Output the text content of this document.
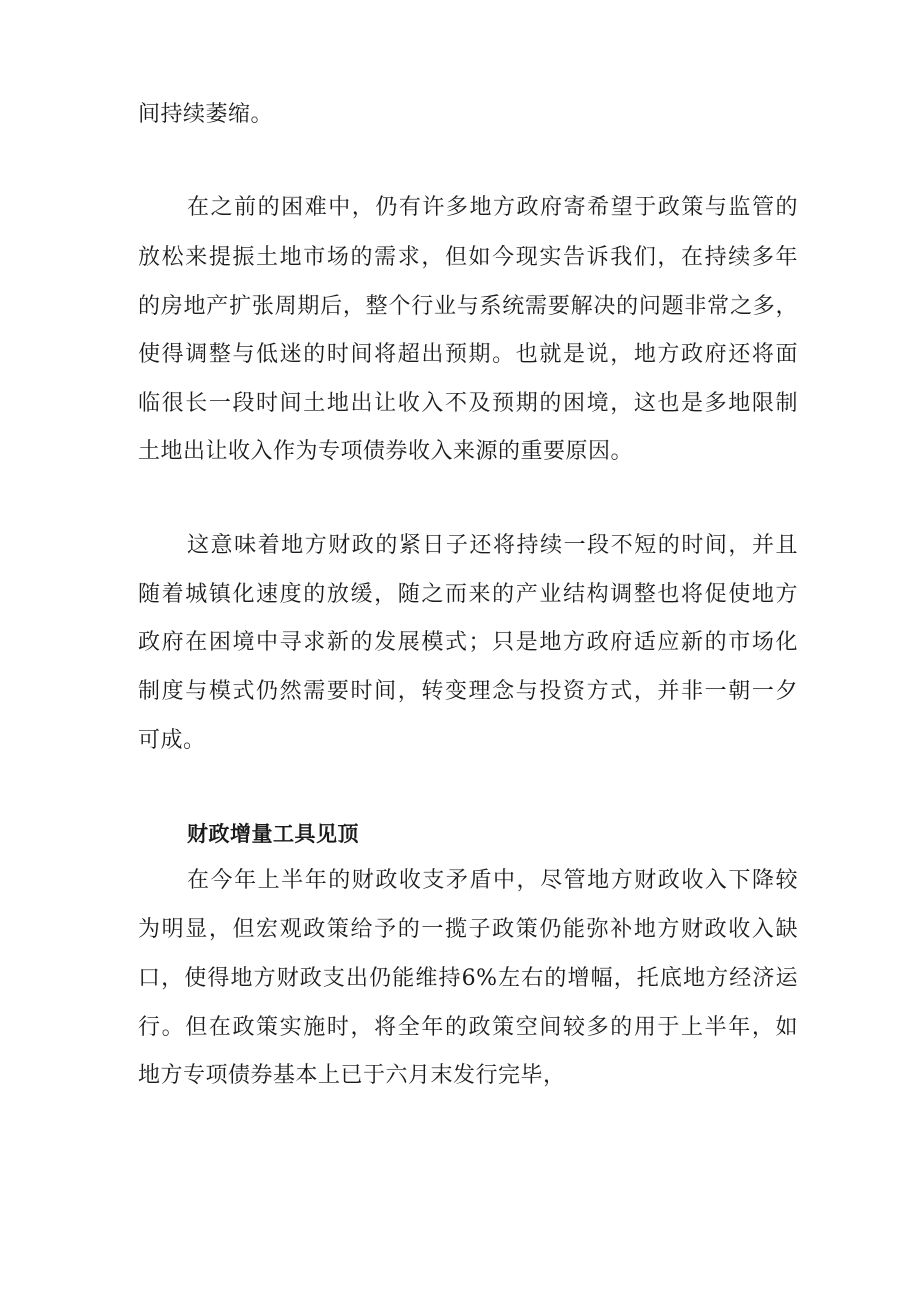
间持续萎缩。
在之前的困难中，仍有许多地方政府寄希望于政策与监管的
放松来提振土地市场的需求，但如今现实告诉我们，在持续多年
的房地产扩张周期后，整个行业与系统需要解决的问题非常之多，
使得调整与低迷的时间将超出预期。也就是说，地方政府还将面
临很长一段时间土地出让收入不及预期的困境，这也是多地限制
土地出让收入作为专项债券收入来源的重要原因。
这意味着地方财政的紧日子还将持续一段不短的时间，并且
随着城镇化速度的放缓，随之而来的产业结构调整也将促使地方
政府在困境中寻求新的发展模式；只是地方政府适应新的市场化
制度与模式仍然需要时间，转变理念与投资方式，并非一朝一夕
可成。
财政增量工具见顶
在今年上半年的财政收支矛盾中，尽管地方财政收入下降较
为明显，但宏观政策给予的一揽子政策仍能弥补地方财政收入缺
口，使得地方财政支出仍能维持6%左右的增幅，托底地方经济运
行。但在政策实施时，将全年的政策空间较多的用于上半年，如
地方专项债券基本上已于六月末发行完毕，
